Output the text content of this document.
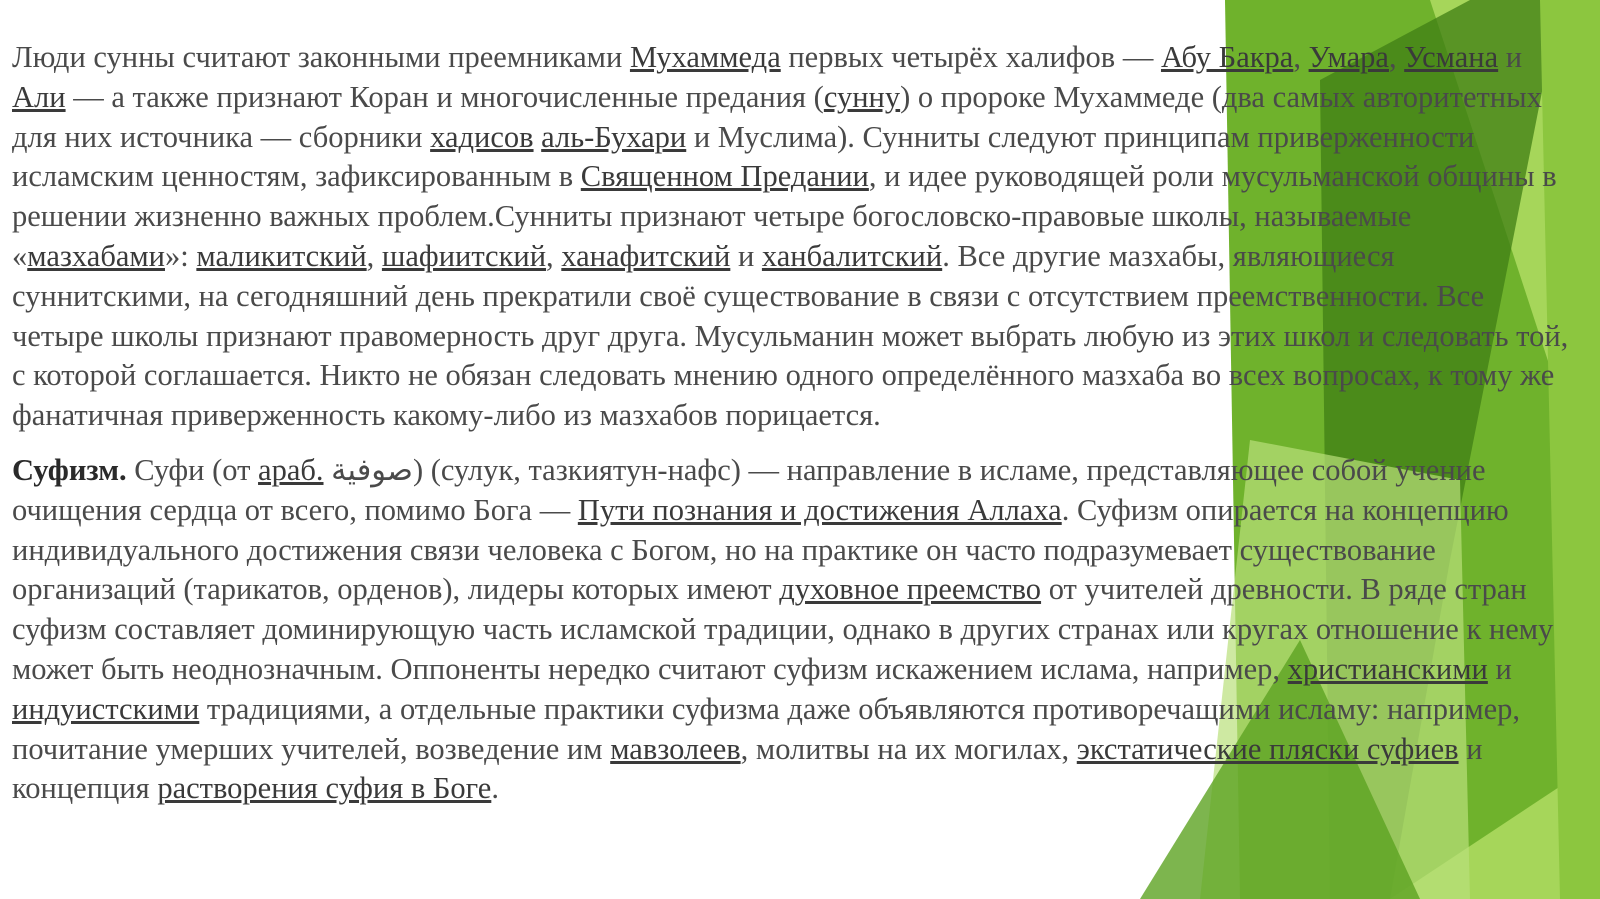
Люди сунны считают законными преемниками Мухаммеда первых четырёх халифов — Абу Бакра, Умара, Усмана и Али — а также признают Коран и многочисленные предания (сунну) о пророке Мухаммеде (два самых авторитетных для них источника — сборники хадисов аль-Бухари и Муслима). Сунниты следуют принципам приверженности исламским ценностям, зафиксированным в Священном Предании, и идее руководящей роли мусульманской общины в решении жизненно важных проблем.Сунниты признают четыре богословско-правовые школы, называемые «мазхабами»: маликитский, шафиитский, ханафитский и ханбалитский. Все другие мазхабы, являющиеся суннитскими, на сегодняшний день прекратили своё существование в связи с отсутствием преемственности. Все четыре школы признают правомерность друг друга. Мусульманин может выбрать любую из этих школ и следовать той, с которой соглашается. Никто не обязан следовать мнению одного определённого мазхаба во всех вопросах, к тому же фанатичная приверженность какому-либо из мазхабов порицается.

Суфизм. Суфи (от араб. صوفية) (сулук, тазкиятун-нафс) — направление в исламе, представляющее собой учение очищения сердца от всего, помимо Бога — Пути познания и достижения Аллаха. Суфизм опирается на концепцию индивидуального достижения связи человека с Богом, но на практике он часто подразумевает существование организаций (тарикатов, орденов), лидеры которых имеют духовное преемство от учителей древности. В ряде стран суфизм составляет доминирующую часть исламской традиции, однако в других странах или кругах отношение к нему может быть неоднозначным. Оппоненты нередко считают суфизм искажением ислама, например, христианскими и индуистскими традициями, а отдельные практики суфизма даже объявляются противоречащими исламу: например, почитание умерших учителей, возведение им мавзолеев, молитвы на их могилах, экстатические пляски суфиев и концепция растворения суфия в Боге.
